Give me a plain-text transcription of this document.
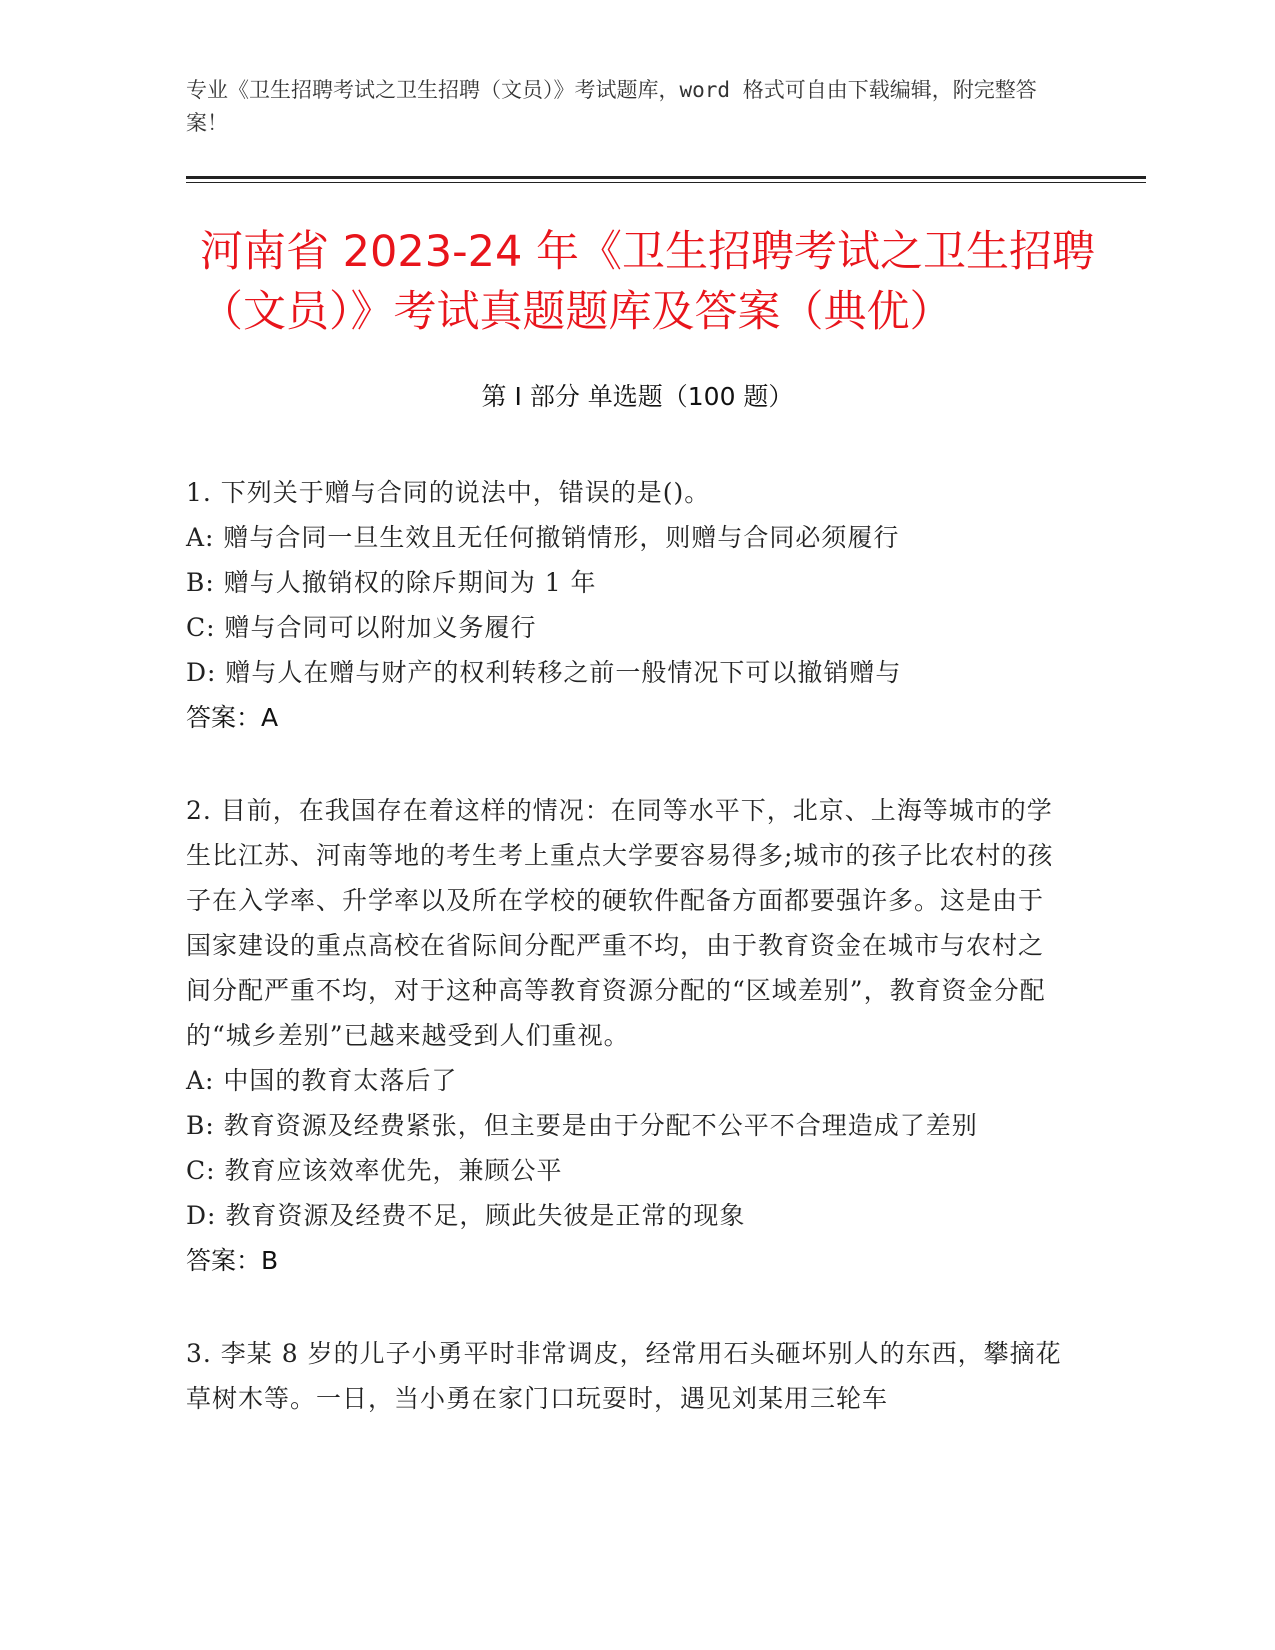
专业《卫生招聘考试之卫生招聘（文员）》考试题库，word 格式可自由下载编辑，附完整答案！
河南省 2023-24 年《卫生招聘考试之卫生招聘（文员）》考试真题题库及答案（典优）
第 I 部分 单选题（100 题）

1. 下列关于赠与合同的说法中，错误的是()。

A: 赠与合同一旦生效且无任何撤销情形，则赠与合同必须履行

B: 赠与人撤销权的除斥期间为 1 年

C: 赠与合同可以附加义务履行

D: 赠与人在赠与财产的权利转移之前一般情况下可以撤销赠与

答案：A

2. 目前，在我国存在着这样的情况：在同等水平下，北京、上海等城市的学生比江苏、河南等地的考生考上重点大学要容易得多;城市的孩子比农村的孩子在入学率、升学率以及所在学校的硬软件配备方面都要强许多。这是由于国家建设的重点高校在省际间分配严重不均，由于教育资金在城市与农村之间分配严重不均，对于这种高等教育资源分配的“区域差别”，教育资金分配的“城乡差别”已越来越受到人们重视。

A: 中国的教育太落后了

B: 教育资源及经费紧张，但主要是由于分配不公平不合理造成了差别

C: 教育应该效率优先，兼顾公平

D: 教育资源及经费不足，顾此失彼是正常的现象

答案：B

3. 李某 8 岁的儿子小勇平时非常调皮，经常用石头砸坏别人的东西，攀摘花草树木等。一日，当小勇在家门口玩耍时，遇见刘某用三轮车
